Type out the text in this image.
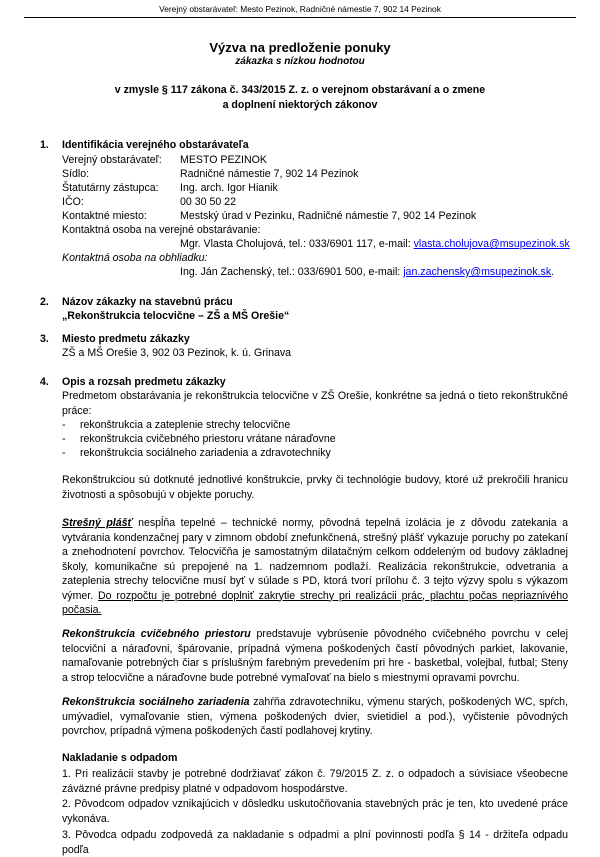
Verejný obstarávateľ: Mesto Pezinok, Radničné námestie 7, 902 14 Pezinok
Výzva na predloženie ponuky
zákazka s nízkou hodnotou
v zmysle § 117 zákona č. 343/2015 Z. z. o verejnom obstarávaní a o zmene
a doplnení niektorých zákonov
1. Identifikácia verejného obstarávateľa
Verejný obstarávateľ: MESTO PEZINOK
Sídlo:	Radničné námestie 7, 902 14 Pezinok
Štatutárny zástupca: Ing. arch. Igor Hianik
IČO:	00 30 50 22
Kontaktné miesto:	Mestský úrad v Pezinku, Radničné námestie 7, 902 14 Pezinok
Kontaktná osoba na verejné obstarávanie:
Mgr. Vlasta Cholujová, tel.: 033/6901 117, e-mail: vlasta.cholujova@msupezinok.sk
Kontaktná osoba na obhliadku:
Ing. Ján Zachenský, tel.: 033/6901 500, e-mail: jan.zachensky@msupezinok.sk.
2. Názov zákazky na stavebnú prácu
„Rekonštrukcia telocvične – ZŠ a MŠ Orešie“
3. Miesto predmetu zákazky
ZŠ a MŠ Orešie 3, 902 03 Pezinok, k. ú. Grinava
4. Opis a rozsah predmetu zákazky
Predmetom obstarávania je rekonštrukcia telocvične v ZŠ Orešie, konkrétne sa jedná o tieto rekonštrukčné práce:
- rekonštrukcia a zateplenie strechy telocvične
- rekonštrukcia cvičebného priestoru vrátane náraďovne
- rekonštrukcia sociálneho zariadenia a zdravotechniky
Rekonštrukciou sú dotknuté jednotlivé konštrukcie, prvky či technológie budovy, ktoré už prekročili hranicu životnosti a spôsobujú v objekte poruchy.
Strešný plášť nespĺňa tepelné – technické normy, pôvodná tepelná izolácia je z dôvodu zatekania a vytvárania kondenzačnej pary v zimnom období znefunkčnená, strešný plášť vykazuje poruchy po zatekaní a znehodnotení povrchov. Telocvičňa je samostatným dilatačným celkom oddeleným od budovy základnej školy, komunikačne sú prepojené na 1. nadzemnom podlaží. Realizácia rekonštrukcie, odvetrania a zateplenia strechy telocvične musí byť v súlade s PD, ktorá tvorí prílohu č. 3 tejto výzvy spolu s výkazom výmer. Do rozpočtu je potrebné doplniť zakrytie strechy pri realizácii prác, plachtu počas nepriaznivého počasia.
Rekonštrukcia cvičebného priestoru predstavuje vybrúsenie pôvodného cvičebného povrchu v celej telocvični a náraďovni, špárovanie, prípadná výmena poškodených častí pôvodných parkiet, lakovanie, namaľovanie potrebných čiar s príslušným farebným prevedením pri hre - basketbal, volejbal, futbal; Steny a strop telocvične a náraďovne bude potrebné vymaľovať na bielo s miestnymi opravami povrchu.
Rekonštrukcia sociálneho zariadenia zahŕňa zdravotechniku, výmenu starých, poškodených WC, spŕch, umývadiel, vymaľovanie stien, výmena poškodených dvier, svietidiel a pod.), vyčistenie pôvodných povrchov, prípadná výmena poškodených častí podlahovej krytiny.
Nakladanie s odpadom
1. Pri realizácii stavby je potrebné dodržiavať zákon č. 79/2015 Z. z. o odpadoch a súvisiace všeobecne záväzné právne predpisy platné v odpadovom hospodárstve.
2. Pôvodcom odpadov vznikajúcich v dôsledku uskutočňovania stavebných prác je ten, kto uvedené práce vykonáva.
3. Pôvodca odpadu zodpovedá za nakladanie s odpadmi a plní povinnosti podľa § 14 - držiteľa odpadu podľa
